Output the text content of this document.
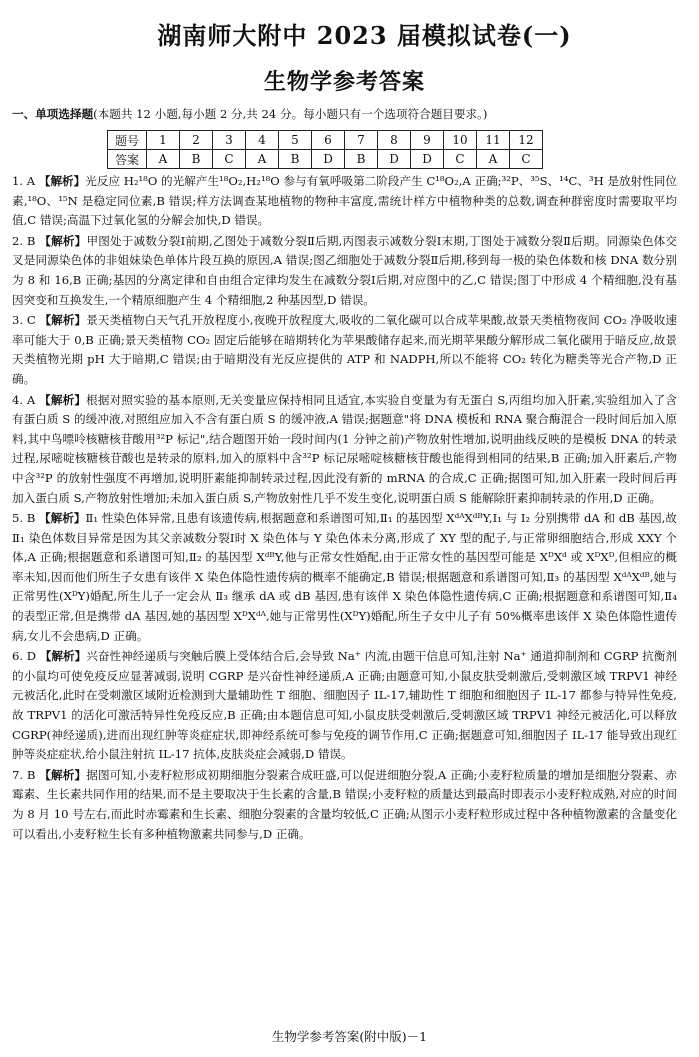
湖南师大附中 2023 届模拟试卷(一)
生物学参考答案
一、单项选择题(本题共 12 小题,每小题 2 分,共 24 分。每小题只有一个选项符合题目要求。)
题号	1	2	3	4	5	6	7	8	9	10	11	12
答案	A	B	C	A	B	D	B	D	D	C	A	C
1. A 【解析】光反应 H₂¹⁸O 的光解产生¹⁸O₂,H₂¹⁸O 参与有氧呼吸第二阶段产生 C¹⁸O₂,A 正确;³²P、³⁵S、¹⁴C、³H 是放射性同位素,¹⁸O、¹⁵N 是稳定同位素,B 错误;样方法调查某地植物的物种丰富度,需统计样方中植物种类的总数,调查种群密度时需要取平均值,C 错误;高温下过氧化氢的分解会加快,D 错误。
2. B 【解析】甲图处于减数分裂Ⅰ前期,乙图处于减数分裂Ⅱ后期,丙图表示减数分裂Ⅰ末期,丁图处于减数分裂Ⅱ后期。同源染色体交叉是同源染色体的非姐妹染色单体片段互换的原因,A 错误;图乙细胞处于减数分裂Ⅱ后期,移到每一极的染色体数和核 DNA 数分别为 8 和 16,B 正确;基因的分离定律和自由组合定律均发生在减数分裂Ⅰ后期,对应图中的乙,C 错误;图丁中形成 4 个精细胞,没有基因突变和互换发生,一个精原细胞产生 4 个精细胞,2 种基因型,D 错误。
3. C 【解析】景天类植物白天气孔开放程度小,夜晚开放程度大,吸收的二氧化碳可以合成苹果酸,故景天类植物夜间 CO₂ 净吸收速率可能大于 0,B 正确;景天类植物 CO₂ 固定后能够在暗期转化为苹果酸储存起来,而光期苹果酸分解形成二氧化碳用于暗反应,故景天类植物光期 pH 大于暗期,C 错误;由于暗期没有光反应提供的 ATP 和 NADPH,所以不能将 CO₂ 转化为糖类等光合产物,D 正确。
4. A 【解析】根据对照实验的基本原则,无关变量应保持相同且适宜,本实验自变量为有无蛋白 S,丙组均加入肝素,实验组加入了含有蛋白质 S 的缓冲液,对照组应加入不含有蛋白质 S 的缓冲液,A 错误;据题意"将 DNA 模板和 RNA 聚合酶混合一段时间后加入原料,其中鸟嘌呤核糖核苷酸用³²P 标记",结合题图开始一段时间内(1 分钟之前)产物放射性增加,说明曲线反映的是模板 DNA 的转录过程,尿嘧啶核糖核苷酸也是转录的原料,加入的原料中含³²P 标记尿嘧啶核糖核苷酸也能得到相同的结果,B 正确;加入肝素后,产物中含³²P 的放射性强度不再增加,说明肝素能抑制转录过程,因此没有新的 mRNA 的合成,C 正确;据图可知,加入肝素一段时间后再加入蛋白质 S,产物放射性增加;未加入蛋白质 S,产物放射性几乎不发生变化,说明蛋白质 S 能解除肝素抑制转录的作用,D 正确。
5. B 【解析】Ⅱ₁ 性染色体异常,且患有该遗传病,根据题意和系谱图可知,Ⅱ₁ 的基因型 XᵈᴬXᵈᴮY,Ⅰ₁ 与 Ⅰ₂ 分别携带 dA 和 dB 基因,故 Ⅱ₁ 染色体数目异常是因为其父亲减数分裂Ⅰ时 X 染色体与 Y 染色体未分离,形成了 XY 型的配子,与正常卵细胞结合,形成 XXY 个体,A 正确;根据题意和系谱图可知,Ⅱ₂ 的基因型 XᵈᴮY,他与正常女性婚配,由于正常女性的基因型可能是 XᴰXᵈ 或 XᴰXᴰ,但相应的概率未知,因而他们所生子女患有该伴 X 染色体隐性遗传病的概率不能确定,B 错误;根据题意和系谱图可知,Ⅱ₃ 的基因型 XᵈᴬXᵈᴮ,她与正常男性(XᴰY)婚配,所生儿子一定会从 Ⅱ₃ 继承 dA 或 dB 基因,患有该伴 X 染色体隐性遗传病,C 正确;根据题意和系谱图可知,Ⅱ₄ 的表型正常,但是携带 dA 基因,她的基因型 XᴰXᵈᴬ,她与正常男性(XᴰY)婚配,所生子女中儿子有 50%概率患该伴 X 染色体隐性遗传病,女儿不会患病,D 正确。
6. D 【解析】兴奋性神经递质与突触后膜上受体结合后,会导致 Na⁺ 内流,由题干信息可知,注射 Na⁺ 通道抑制剂和 CGRP 抗衡剂的小鼠均可使免疫反应显著减弱,说明 CGRP 是兴奋性神经递质,A 正确;由题意可知,小鼠皮肤受刺激后,受刺激区域 TRPV1 神经元被活化,此时在受刺激区域附近检测到大量辅助性 T 细胞、细胞因子 IL-17,辅助性 T 细胞和细胞因子 IL-17 都参与特异性免疫,故 TRPV1 的活化可激活特异性免疫反应,B 正确;由本题信息可知,小鼠皮肤受刺激后,受刺激区域 TRPV1 神经元被活化,可以释放 CGRP(神经递质),进而出现红肿等炎症症状,即神经系统可参与免疫的调节作用,C 正确;据题意可知,细胞因子 IL-17 能导致出现红肿等炎症症状,给小鼠注射抗 IL-17 抗体,皮肤炎症会减弱,D 错误。
7. B 【解析】据图可知,小麦籽粒形成初期细胞分裂素合成旺盛,可以促进细胞分裂,A 正确;小麦籽粒质量的增加是细胞分裂素、赤霉素、生长素共同作用的结果,而不是主要取决于生长素的含量,B 错误;小麦籽粒的质量达到最高时即表示小麦籽粒成熟,对应的时间为 8 月 10 号左右,而此时赤霉素和生长素、细胞分裂素的含量均较低,C 正确;从图示小麦籽粒形成过程中各种植物激素的含量变化可以看出,小麦籽粒生长有多种植物激素共同参与,D 正确。
生物学参考答案(附中版)－1
